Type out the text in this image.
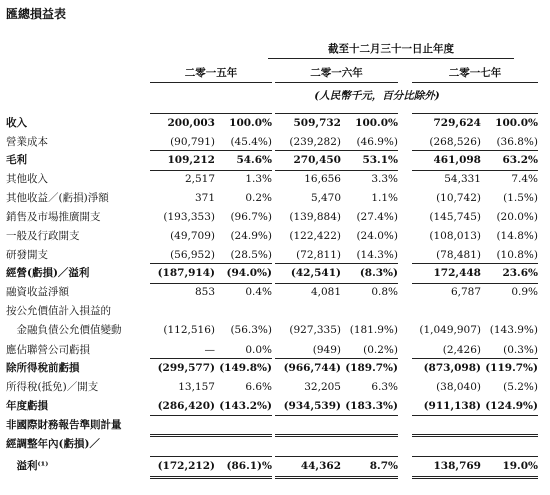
匯總損益表
截至十二月三十一日止年度
二零一五年	二零一六年	二零一七年
(人民幣千元，百分比除外)
收入	200,003	100.0%	509,732	100.0%	729,624	100.0%
營業成本	(90,791)	(45.4%)	(239,282)	(46.9%)	(268,526)	(36.8%)
毛利	109,212	54.6%	270,450	53.1%	461,098	63.2%
其他收入	2,517	1.3%	16,656	3.3%	54,331	7.4%
其他收益／(虧損)淨額	371	0.2%	5,470	1.1%	(10,742)	(1.5%)
銷售及市場推廣開支	(193,353)	(96.7%)	(139,884)	(27.4%)	(145,745)	(20.0%)
一般及行政開支	(49,709)	(24.9%)	(122,422)	(24.0%)	(108,013)	(14.8%)
研發開支	(56,952)	(28.5%)	(72,811)	(14.3%)	(78,481)	(10.8%)
經營(虧損)／溢利	(187,914)	(94.0%)	(42,541)	(8.3%)	172,448	23.6%
融資收益淨額	853	0.4%	4,081	0.8%	6,787	0.9%
按公允價值計入損益的
　金融負債公允價值變動	(112,516)	(56.3%)	(927,335) (181.9%)	(1,049,907) (143.9%)
應佔聯營公司虧損	—	0.0%	(949)	(0.2%)	(2,426)	(0.3%)
除所得稅前虧損	(299,577) (149.8%)	(966,744) (189.7%)	(873,098) (119.7%)
所得稅(抵免)／開支	13,157	6.6%	32,205	6.3%	(38,040)	(5.2%)
年度虧損	(286,420) (143.2%)	(934,539) (183.3%)	(911,138) (124.9%)
非國際財務報告準則計量
經調整年內(虧損)／
　溢利⁽¹⁾	(172,212)	(86.1)%	44,362	8.7%	138,769	19.0%
